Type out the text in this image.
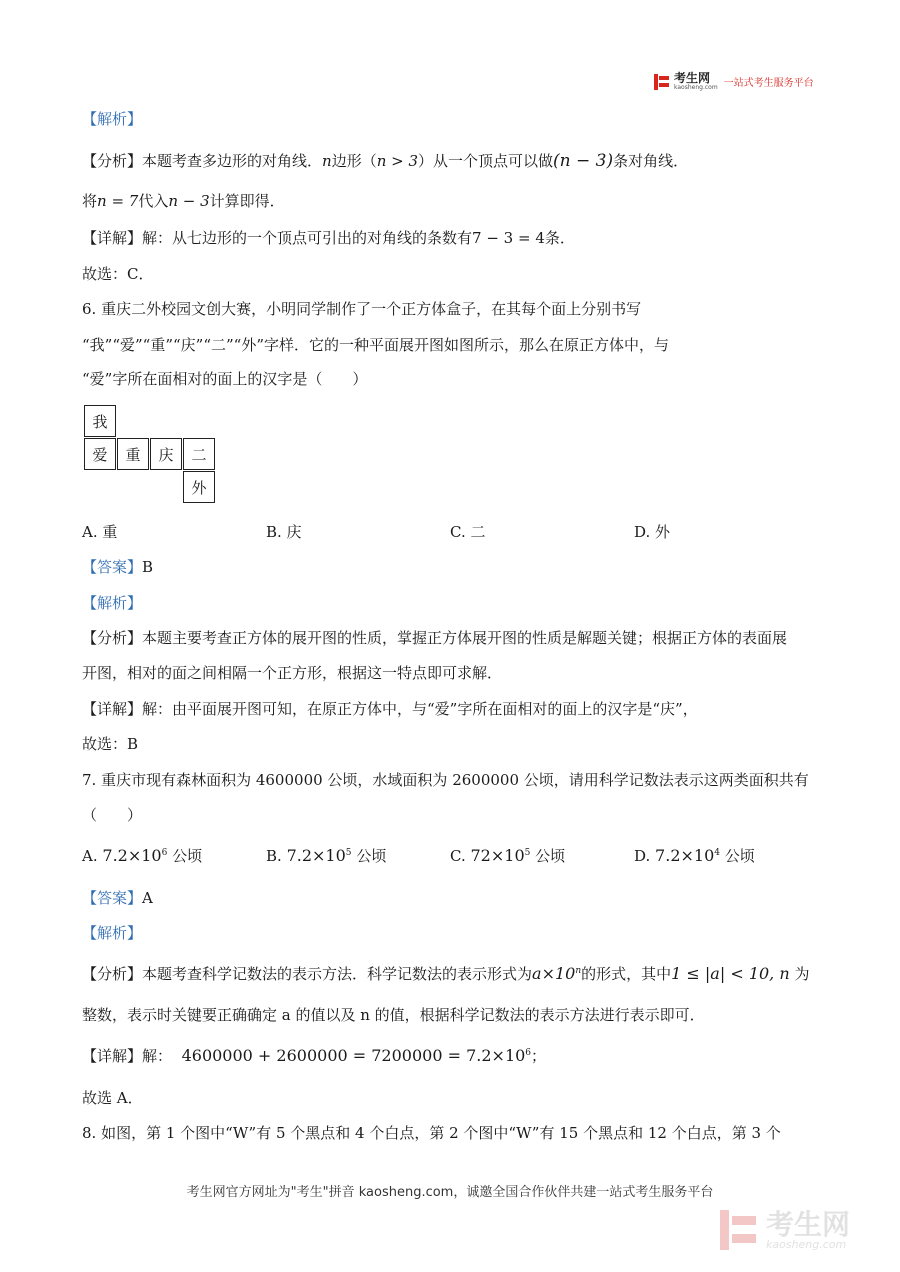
考生网
kaosheng.com 一站式考生服务平台
【解析】
【分析】本题考查多边形的对角线．n边形（n > 3）从一个顶点可以做(n − 3)条对角线．
将n = 7代入n − 3计算即得．
【详解】解：从七边形的一个顶点可引出的对角线的条数有7 − 3 = 4条．
故选：C．
6. 重庆二外校园文创大赛，小明同学制作了一个正方体盒子，在其每个面上分别书写
“我”“爱”“重”“庆”“二”“外”字样．它的一种平面展开图如图所示，那么在原正方体中，与
“爱”字所在面相对的面上的汉字是（　　）
我
爱	重	庆	二
外
A. 重	B. 庆	C. 二	D. 外
【答案】B
【解析】
【分析】本题主要考查正方体的展开图的性质，掌握正方体展开图的性质是解题关键；根据正方体的表面展
开图，相对的面之间相隔一个正方形，根据这一特点即可求解．
【详解】解：由平面展开图可知，在原正方体中，与“爱”字所在面相对的面上的汉字是“庆”，
故选：B
7. 重庆市现有森林面积为 4600000 公顷，水域面积为 2600000 公顷，请用科学记数法表示这两类面积共有
（　　）
A. $7.2\times 10^6$ 公顷	B. $7.2\times 10^5$ 公顷	C. $72\times 10^5$ 公顷	D. $7.2\times 10^4$ 公顷
【答案】A
【解析】
【分析】本题考查科学记数法的表示方法．科学记数法的表示形式为$a\times 10^n$的形式，其中1 ≤ |a| < 10, n 为
整数，表示时关键要正确确定 a 的值以及 n 的值，根据科学记数法的表示方法进行表示即可．
【详解】解： $4600000 + 2600000 = 7200000 = 7.2\times 10^6$；
故选 A．
8. 如图，第 1 个图中“W”有 5 个黑点和 4 个白点，第 2 个图中“W”有 15 个黑点和 12 个白点，第 3 个
考生网官方网址为"考生"拼音 kaosheng.com，诚邀全国合作伙伴共建一站式考生服务平台
考生网
kaosheng.com
